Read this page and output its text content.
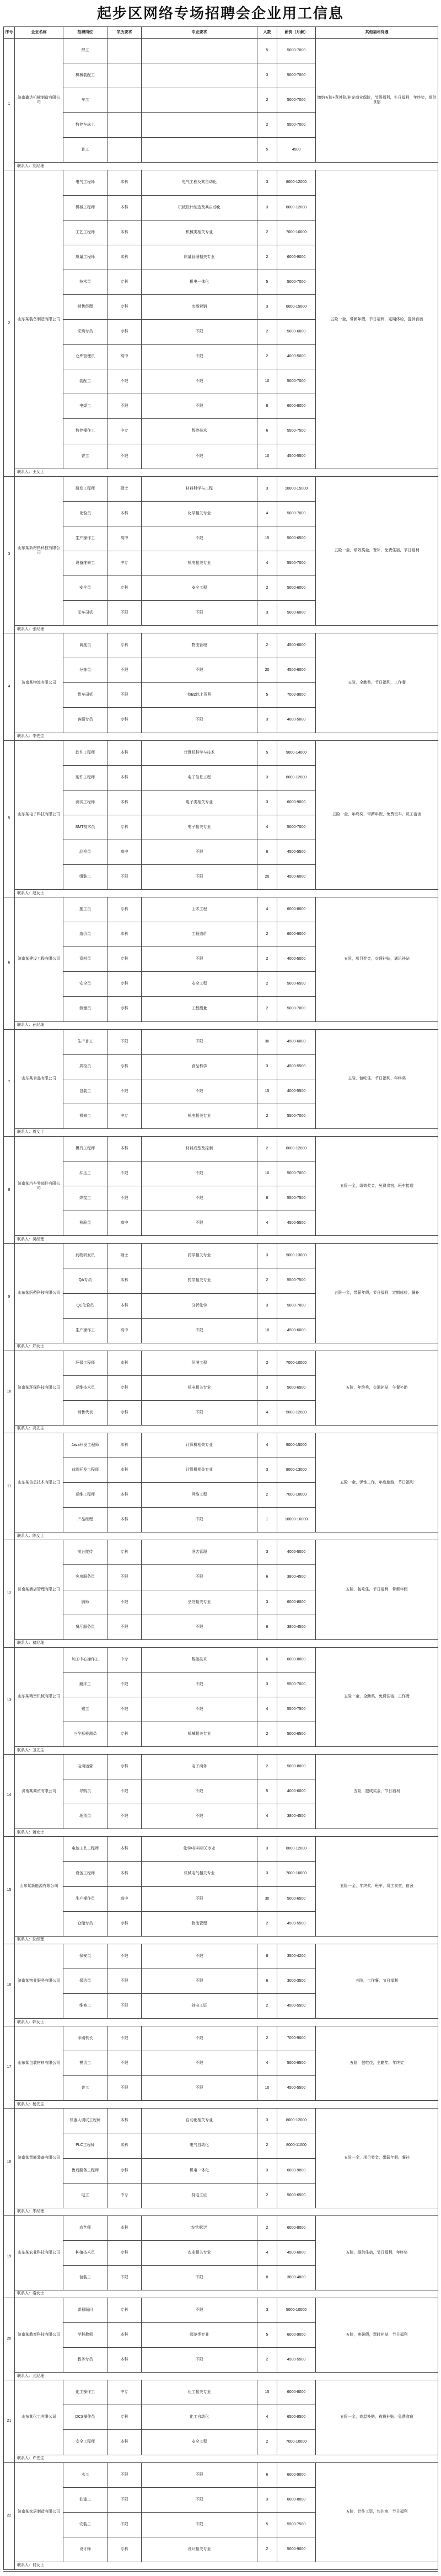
起步区网络专场招聘会企业用工信息
序号	企业名称	招聘岗位	学历要求	专业要求	人数	薪资（月薪）	其他福利待遇
1	济南鑫达机械制造有限公司	焊工			5	5000-7000	缴纳五险+意外险/补充商业保险，节假福利，生日福利，年终奖，提供食宿
		机械装配工			3	5000-7000	
		车工			2	5000-7000	
		数控车床工			2	5500-7000	
		普工			5	4500	
	联系人：刘经理						
2	山东某装备制造有限公司	电气工程师	本科	电气工程及其自动化	3	8000-12000	五险一金，带薪年假，节日福利，定期体检，提供食宿
		机械工程师	本科	机械设计制造及其自动化	3	8000-12000	
		工艺工程师	本科	机械类相关专业	2	7000-10000	
		质量工程师	本科	质量管理相关专业	2	6000-9000	
		技术员	专科	机电一体化	5	5000-7000	
		销售经理	专科	市场营销	3	6000-15000	
		采购专员	专科	不限	2	5000-6000	
		仓库管理员	高中	不限	2	4000-5000	
		装配工	不限	不限	10	5000-7000	
		电焊工	不限	不限	8	6000-8000	
		数控操作工	中专	数控技术	6	5500-7500	
		普工	不限	不限	10	4500-5500	
	联系人：王女士						
3	山东某新材料科技有限公司	研发工程师	硕士	材料科学与工程	3	10000-15000	五险一金，绩效奖金，餐补，免费住宿，节日福利
		化验员	本科	化学相关专业	4	5000-7000	
		生产操作工	高中	不限	15	5000-6500	
		设备维修工	中专	机电相关专业	4	5500-7000	
		安全员	专科	安全工程	2	5000-6000	
		叉车司机	不限	不限	3	5000-6000	
	联系人：张经理						
4	济南某物流有限公司	调度员	专科	物流管理	2	4500-6000	五险，全勤奖，节日福利，工作餐
		分拣员	不限	不限	20	4500-6000	
		货车司机	不限	持B2以上驾照	5	7000-9000	
		客服专员	专科	不限	3	4000-5000	
	联系人：李先生						
5	山东某电子科技有限公司	软件工程师	本科	计算机科学与技术	5	9000-14000	五险一金，年终奖，带薪年假，免费班车，员工宿舍
		硬件工程师	本科	电子信息工程	3	8000-12000	
		测试工程师	本科	电子类相关专业	3	6000-9000	
		SMT技术员	专科	电子相关专业	4	5000-7000	
		品检员	高中	不限	6	4500-5500	
		组装工	不限	不限	20	4500-6000	
	联系人：赵女士						
6	济南某建设工程有限公司	施工员	专科	土木工程	4	6000-8000	五险，项目奖金，交通补贴，通讯补贴
		造价员	本科	工程造价	2	6000-9000	
		资料员	专科	不限	2	4000-5000	
		安全员	专科	安全工程	2	5000-6500	
		测量员	专科	工程测量	2	5000-7000	
	联系人：孙经理						
7	山东某食品有限公司	生产普工	不限	不限	30	4500-6000	五险，包吃住，节日福利，年终奖
		质检员	专科	食品科学	3	4500-5500	
		包装工	不限	不限	15	4000-5500	
		机修工	中专	机电相关专业	2	5500-7000	
	联系人：周女士						
8	济南某汽车零部件有限公司	模具工程师	本科	材料成型及控制	2	8000-12000	五险一金，绩效奖金，免费食宿，班车接送
		冲压工	不限	不限	10	5000-7000	
		焊接工	不限	不限	8	5500-7500	
		检验员	高中	不限	4	4500-5500	
	联系人：吴经理						
9	山东某医药科技有限公司	药物研发员	硕士	药学相关专业	3	9000-13000	五险一金，带薪年假，节日福利，定期体检，餐补
		QA专员	本科	药学相关专业	2	5500-7500	
		QC化验员	本科	分析化学	3	5000-7000	
		生产操作工	高中	不限	10	4500-6000	
	联系人：郑女士						
10	济南某环保科技有限公司	环保工程师	本科	环境工程	2	7000-10000	五险，年终奖，交通补贴，午餐补助
		运维技术员	专科	机电相关专业	3	5000-6500	
		销售代表	专科	不限	4	5000-12000	
	联系人：冯先生						
11	山东某信息技术有限公司	Java开发工程师	本科	计算机相关专业	4	9000-15000	五险一金，弹性工作，年度旅游，节日福利
		前端开发工程师	本科	计算机相关专业	3	8000-13000	
		运维工程师	本科	网络工程	2	7000-10000	
		产品经理	本科	不限	1	10000-16000	
	联系人：陈女士						
12	济南某酒店管理有限公司	前台接待	专科	酒店管理	3	4000-5000	五险，包吃住，节日福利，带薪年假
		客房服务员	不限	不限	6	3800-4500	
		厨师	不限	烹饪相关专业	3	6000-8000	
		餐厅服务员	不限	不限	6	3800-4500	
	联系人：褚经理						
13	山东某精密机械有限公司	加工中心操作工	中专	数控技术	6	6000-8000	五险一金，全勤奖，免费住宿，工作餐
		磨床工	不限	不限	3	5500-7000	
		钳工	不限	不限	4	5500-7500	
		三坐标检测员	专科	机械相关专业	2	5000-6500	
	联系人：卫先生						
14	济南某商贸有限公司	电商运营	专科	电子商务	2	5000-8000	五险，提成奖金，节日福利
		导购员	不限	不限	5	4000-6000	
		理货员	不限	不限	4	3800-4500	
	联系人：蒋女士						
15	山东某新能源有限公司	电池工艺工程师	本科	化学/材料相关专业	3	8000-12000	五险一金，年终奖，班车，员工食堂，宿舍
		设备工程师	本科	机械电气相关专业	3	7000-10000	
		生产操作员	高中	不限	30	5000-6500	
		仓储专员	专科	物流管理	2	4500-5500	
	联系人：沈经理						
16	济南某物业服务有限公司	保安员	不限	不限	8	3500-4200	五险，工作餐，节日福利
		保洁员	不限	不限	6	3000-3500	
		维修工	不限	持电工证	2	4500-5500	
	联系人：韩女士						
17	山东某包装材料有限公司	印刷机长	不限	不限	2	7000-9000	五险，包吃住，全勤奖，年终奖
		模切工	不限	不限	4	5000-6500	
		普工	不限	不限	10	4500-5500	
	联系人：杨先生						
18	济南某智能装备有限公司	机器人调试工程师	本科	自动化相关专业	3	8000-12000	五险一金，项目奖金，带薪年假，餐补
		PLC工程师	本科	电气自动化	2	8000-11000	
		售后服务工程师	专科	机电一体化	3	6000-9000	
		电工	中专	持电工证	2	5000-6500	
	联系人：朱经理						
19	山东某农业科技有限公司	农艺师	本科	农学/园艺	2	6000-8000	五险，提供住宿，节日福利，年终奖
		种植技术员	专科	农业相关专业	4	4500-6000	
		包装工	不限	不限	8	3800-4800	
	联系人：秦女士						
20	济南某教育科技有限公司	课程顾问	专科	不限	3	5000-10000	五险，寒暑假，课时补贴，节日福利
		学科教师	本科	师范类专业	5	6000-9000	
		教务专员	本科	不限	2	4500-5500	
	联系人：尤经理						
21	山东某化工有限公司	化工操作工	中专	化工相关专业	15	6000-8000	五险一金，高温补贴，夜班补贴，免费食宿
		DCS操作员	专科	化工自动化	4	6500-8500	
		安全工程师	本科	安全工程	2	7000-10000	
	联系人：许先生						
22	济南某家居制造有限公司	木工	不限	不限	6	6000-9000	五险，计件工资，包住宿，节日福利
		油漆工	不限	不限	3	6000-8000	
		安装工	不限	不限	5	5500-7500	
		设计师	专科	设计相关专业	2	5000-9000	
	联系人：何女士						
